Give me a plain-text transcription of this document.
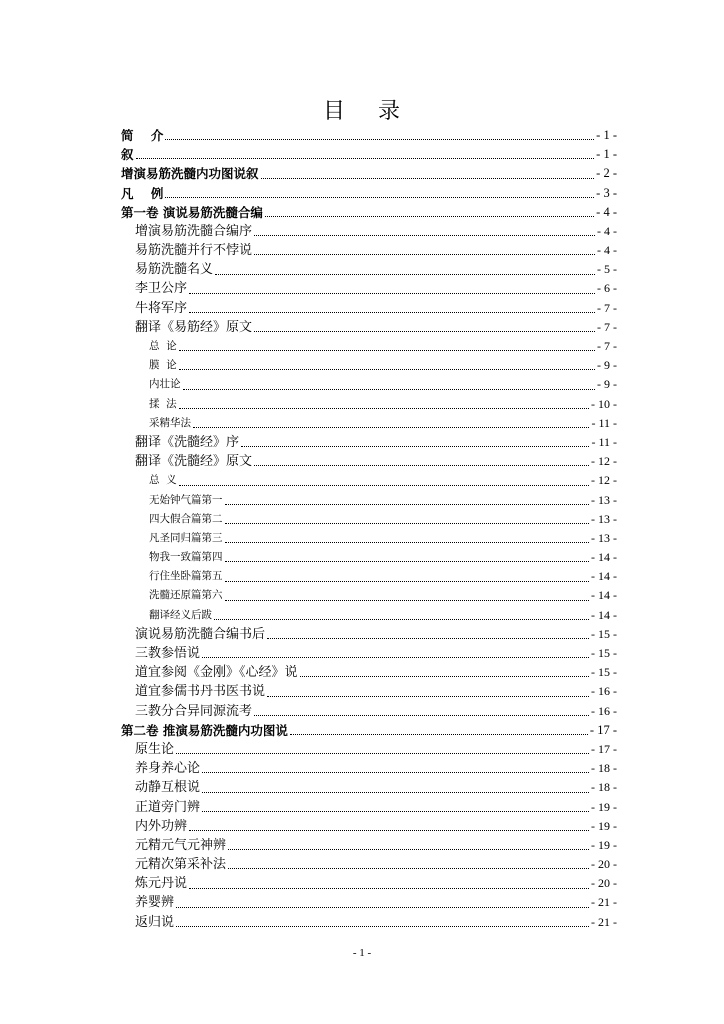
目    录
简    介	- 1 -
叙	- 1 -
增演易筋洗髓内功图说叙	- 2 -
凡    例	- 3 -
第一卷 演说易筋洗髓合编	- 4 -
增演易筋洗髓合编序	- 4 -
易筋洗髓并行不悖说	- 4 -
易筋洗髓名义	- 5 -
李卫公序	- 6 -
牛将军序	- 7 -
翻译《易筋经》原文	- 7 -
总  论	- 7 -
膜  论	- 9 -
内壮论	- 9 -
揉  法	- 10 -
采精华法	- 11 -
翻译《洗髓经》序	- 11 -
翻译《洗髓经》原文	- 12 -
总  义	- 12 -
无始钟气篇第一	- 13 -
四大假合篇第二	- 13 -
凡圣同归篇第三	- 13 -
物我一致篇第四	- 14 -
行住坐卧篇第五	- 14 -
洗髓还原篇第六	- 14 -
翻译经义后跋	- 14 -
演说易筋洗髓合编书后	- 15 -
三教参悟说	- 15 -
道宜参阅《金刚》《心经》说	- 15 -
道宜参儒书丹书医书说	- 16 -
三教分合异同源流考	- 16 -
第二卷 推演易筋洗髓内功图说	- 17 -
原生论	- 17 -
养身养心论	- 18 -
动静互根说	- 18 -
正道旁门辨	- 19 -
内外功辨	- 19 -
元精元气元神辨	- 19 -
元精次第采补法	- 20 -
炼元丹说	- 20 -
养婴辨	- 21 -
返归说	- 21 -
- 1 -
